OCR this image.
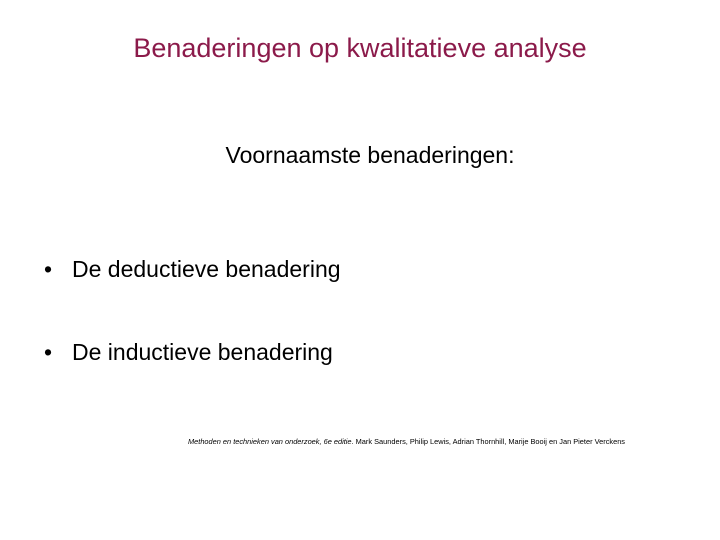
Benaderingen op kwalitatieve analyse
Voornaamste benaderingen:
• De deductieve benadering
• De inductieve benadering
Methoden en technieken van onderzoek, 6e editie. Mark Saunders, Philip Lewis, Adrian Thornhill, Marije Booij en Jan Pieter Verckens
